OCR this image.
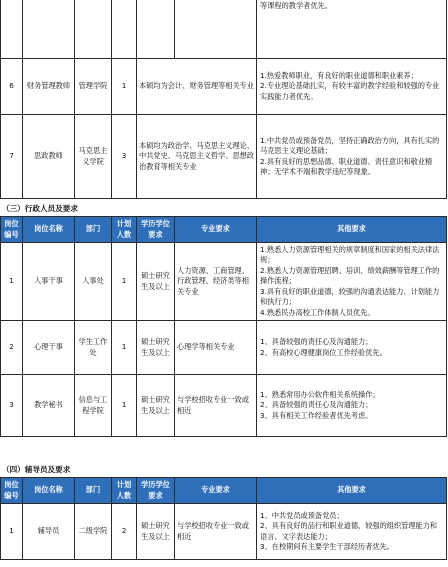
						等课程的教学者优先。
6	财务管理教师	管理学院	1	本硕均为会计、财务管理等相关专业		1.热爱教师职业，有良好的职业道德和职业素养；
2.专业理论基础扎实，有较丰富的教学经验和较强的专业实践能力者优先。
7	思政教师	马克思主义学院	3	本硕均为政治学、马克思主义理论、中共党史、马克思主义哲学、思想政治教育等相关专业		1.中共党员或预备党员，坚持正确政治方向，具有扎实的马克思主义理论基础；
2.具有良好的思想品德、职业道德、责任意识和敬业精神；无学术不端和教学违纪等现象。
（三）行政人员及要求
岗位编号	岗位名称	部门	计划人数	学历学位要求	专业要求	其他要求
1	人事干事	人事处	1	硕士研究生及以上	人力资源、工商管理、行政管理、经济类等相关专业	1.熟悉人力资源管理相关的规章制度和国家的相关法律法规；
2.熟悉人力资源管理招聘、培训、绩效薪酬等管理工作的操作流程；
3.具有良好的职业道德，较强的沟通表达能力、计划能力和执行力；
4.熟悉民办高校工作体制人员优先。
2	心理干事	学生工作处	1	硕士研究生及以上	心理学等相关专业	1、具备较强的责任心及沟通能力；
2、有高校心理健康岗位工作经验优先。
3	教学秘书	信息与工程学院	1	硕士研究生及以上	与学校招收专业一致或相近	1、熟悉常用办公软件相关系统操作；
2、具备较强的责任心及沟通能力；
3、具有相关工作经验者优先考虑。
（四）辅导员及要求
岗位编号	岗位名称	部门	计划人数	学历学位要求	专业要求	其他要求
1	辅导员	二级学院	2	硕士研究生及以上	与学校招收专业一致或相近	1、中共党员或预备党员；
2、具有良好的品行和职业道德，较强的组织管理能力和语言、文字表达能力；
3、在校期间有主要学生干部经历者优先。
